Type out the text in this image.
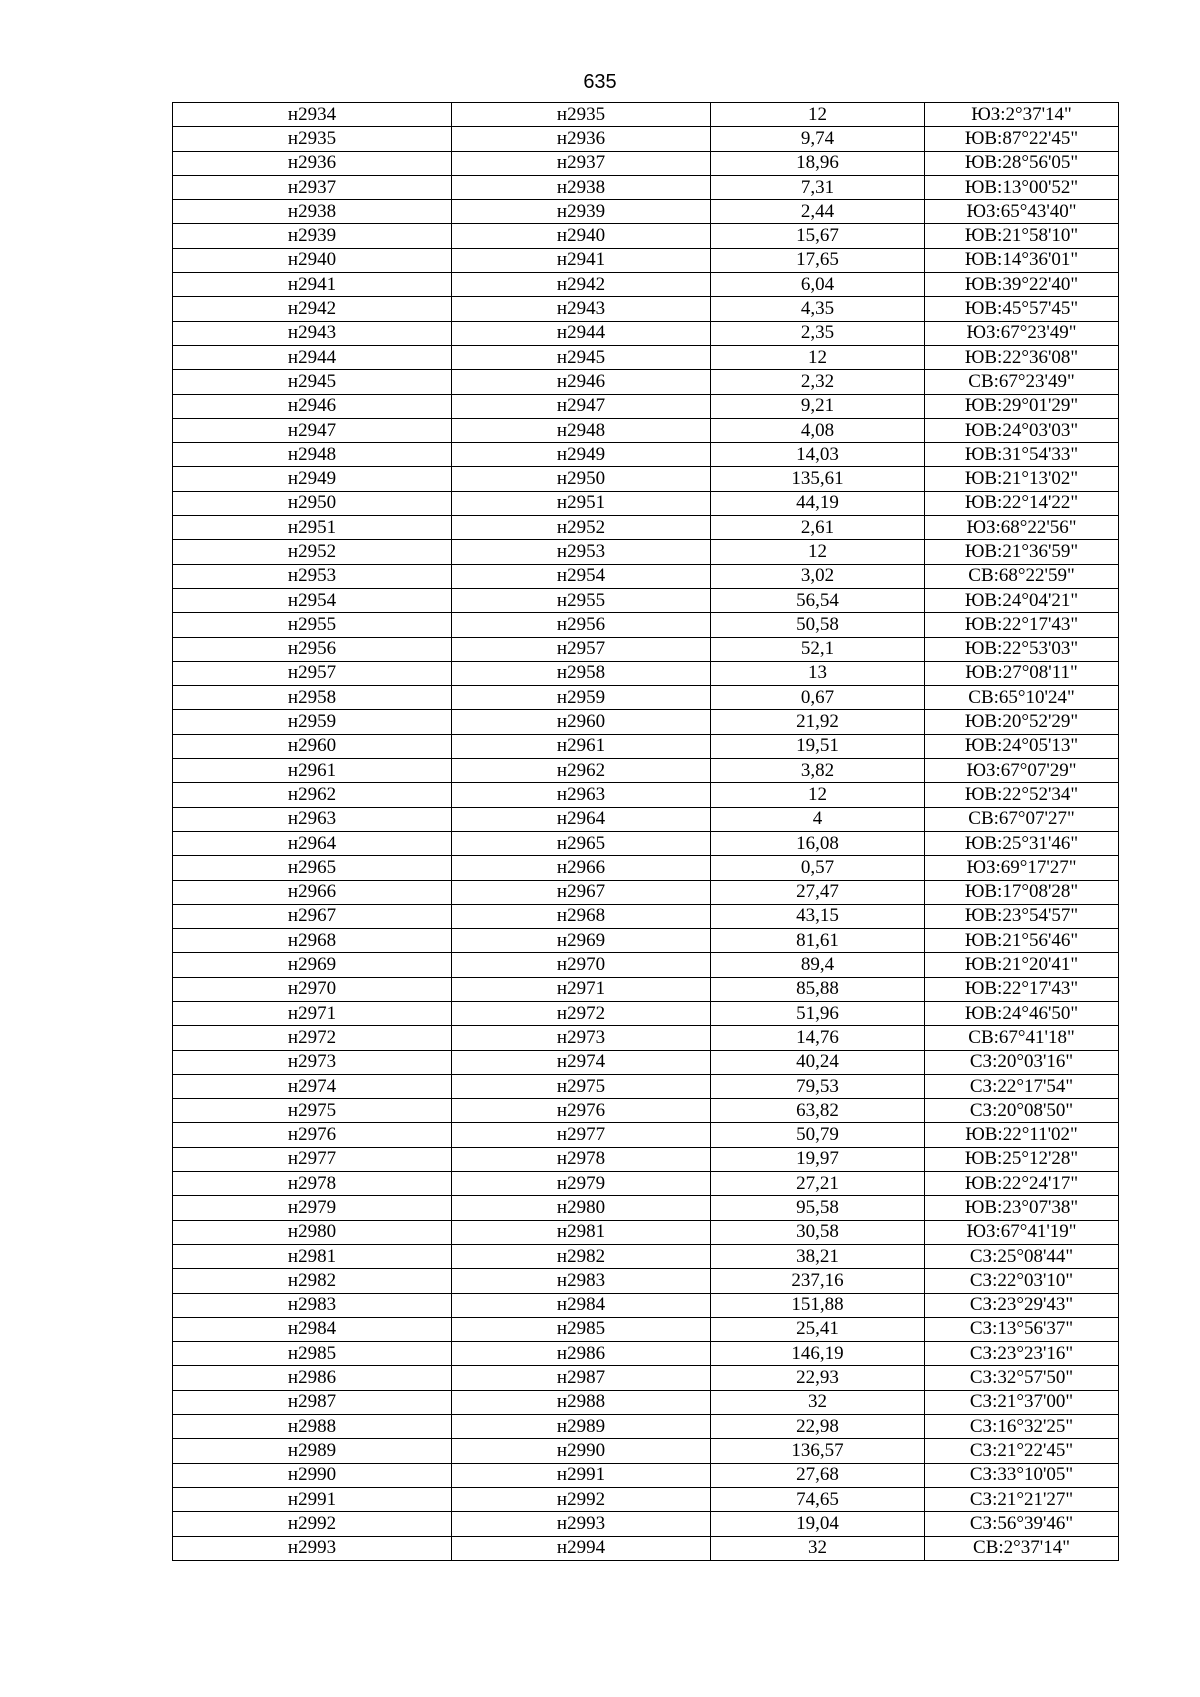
635
н2934	н2935	12	ЮЗ:2°37'14"
н2935	н2936	9,74	ЮВ:87°22'45"
н2936	н2937	18,96	ЮВ:28°56'05"
н2937	н2938	7,31	ЮВ:13°00'52"
н2938	н2939	2,44	ЮЗ:65°43'40"
н2939	н2940	15,67	ЮВ:21°58'10"
н2940	н2941	17,65	ЮВ:14°36'01"
н2941	н2942	6,04	ЮВ:39°22'40"
н2942	н2943	4,35	ЮВ:45°57'45"
н2943	н2944	2,35	ЮЗ:67°23'49"
н2944	н2945	12	ЮВ:22°36'08"
н2945	н2946	2,32	СВ:67°23'49"
н2946	н2947	9,21	ЮВ:29°01'29"
н2947	н2948	4,08	ЮВ:24°03'03"
н2948	н2949	14,03	ЮВ:31°54'33"
н2949	н2950	135,61	ЮВ:21°13'02"
н2950	н2951	44,19	ЮВ:22°14'22"
н2951	н2952	2,61	ЮЗ:68°22'56"
н2952	н2953	12	ЮВ:21°36'59"
н2953	н2954	3,02	СВ:68°22'59"
н2954	н2955	56,54	ЮВ:24°04'21"
н2955	н2956	50,58	ЮВ:22°17'43"
н2956	н2957	52,1	ЮВ:22°53'03"
н2957	н2958	13	ЮВ:27°08'11"
н2958	н2959	0,67	СВ:65°10'24"
н2959	н2960	21,92	ЮВ:20°52'29"
н2960	н2961	19,51	ЮВ:24°05'13"
н2961	н2962	3,82	ЮЗ:67°07'29"
н2962	н2963	12	ЮВ:22°52'34"
н2963	н2964	4	СВ:67°07'27"
н2964	н2965	16,08	ЮВ:25°31'46"
н2965	н2966	0,57	ЮЗ:69°17'27"
н2966	н2967	27,47	ЮВ:17°08'28"
н2967	н2968	43,15	ЮВ:23°54'57"
н2968	н2969	81,61	ЮВ:21°56'46"
н2969	н2970	89,4	ЮВ:21°20'41"
н2970	н2971	85,88	ЮВ:22°17'43"
н2971	н2972	51,96	ЮВ:24°46'50"
н2972	н2973	14,76	СВ:67°41'18"
н2973	н2974	40,24	СЗ:20°03'16"
н2974	н2975	79,53	СЗ:22°17'54"
н2975	н2976	63,82	СЗ:20°08'50"
н2976	н2977	50,79	ЮВ:22°11'02"
н2977	н2978	19,97	ЮВ:25°12'28"
н2978	н2979	27,21	ЮВ:22°24'17"
н2979	н2980	95,58	ЮВ:23°07'38"
н2980	н2981	30,58	ЮЗ:67°41'19"
н2981	н2982	38,21	СЗ:25°08'44"
н2982	н2983	237,16	СЗ:22°03'10"
н2983	н2984	151,88	СЗ:23°29'43"
н2984	н2985	25,41	СЗ:13°56'37"
н2985	н2986	146,19	СЗ:23°23'16"
н2986	н2987	22,93	СЗ:32°57'50"
н2987	н2988	32	СЗ:21°37'00"
н2988	н2989	22,98	СЗ:16°32'25"
н2989	н2990	136,57	СЗ:21°22'45"
н2990	н2991	27,68	СЗ:33°10'05"
н2991	н2992	74,65	СЗ:21°21'27"
н2992	н2993	19,04	СЗ:56°39'46"
н2993	н2994	32	СВ:2°37'14"
